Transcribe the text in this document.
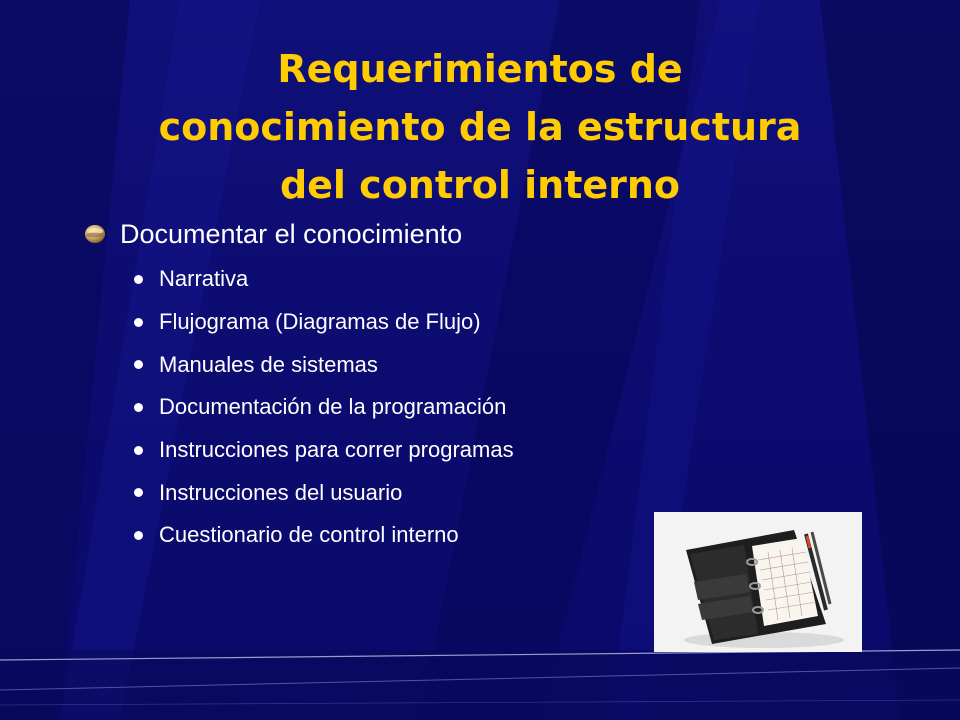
Requerimientos de
conocimiento de la estructura
del control interno
Documentar el conocimiento
Narrativa
Flujograma (Diagramas de Flujo)
Manuales de sistemas
Documentación de la programación
Instrucciones para correr programas
Instrucciones del usuario
Cuestionario de control interno
